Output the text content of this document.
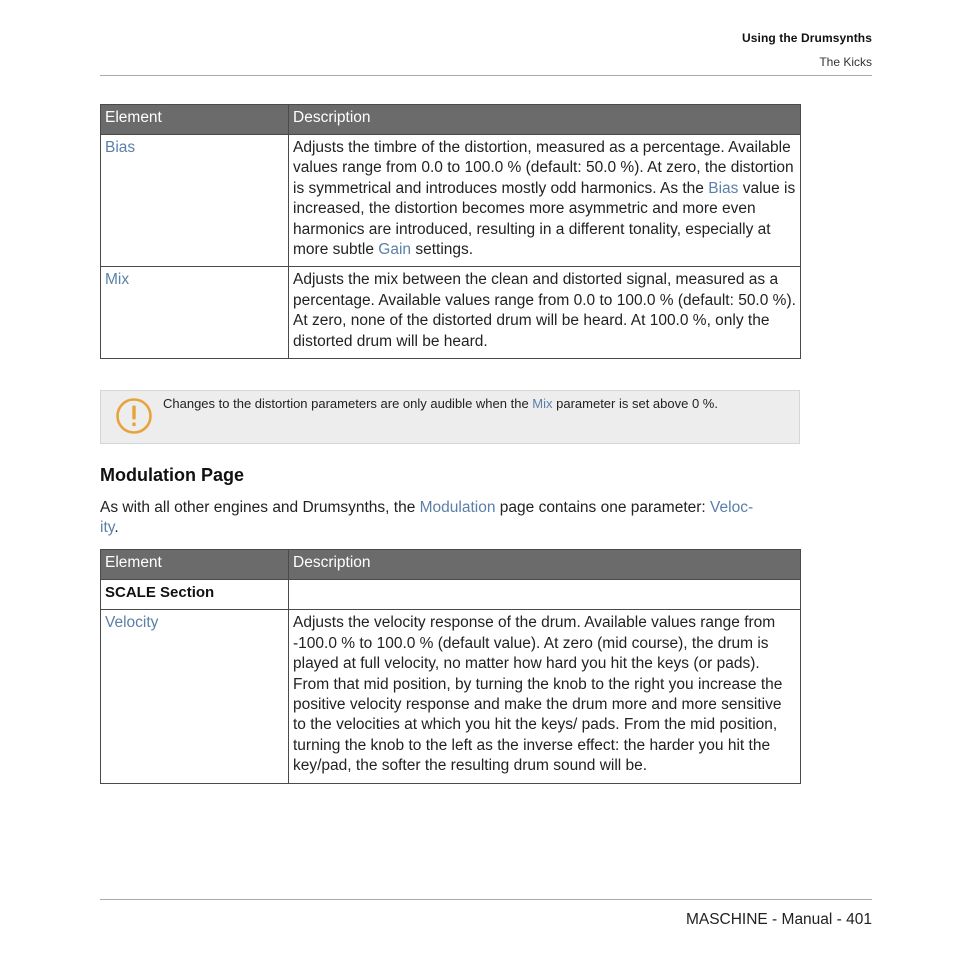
Using the Drumsynths
The Kicks
Element	Description
Bias	Adjusts the timbre of the distortion, measured as a percentage. Available values range from 0.0 to 100.0 % (default: 50.0 %). At zero, the distortion is symmetrical and introduces mostly odd harmonics. As the Bias value is increased, the distortion becomes more asymmetric and more even harmonics are introduced, resulting in a different tonality, especially at more subtle Gain settings.
Mix	Adjusts the mix between the clean and distorted signal, measured as a percentage. Available values range from 0.0 to 100.0 % (default: 50.0 %). At zero, none of the distorted drum will be heard. At 100.0 %, only the distorted drum will be heard.
Changes to the distortion parameters are only audible when the Mix parameter is set above 0 %.
Modulation Page
As with all other engines and Drumsynths, the Modulation page contains one parameter: Veloc-
ity.
Element	Description
SCALE Section	
Velocity	Adjusts the velocity response of the drum. Available values range from -100.0 % to 100.0 % (default value). At zero (mid course), the drum is played at full velocity, no matter how hard you hit the keys (or pads). From that mid position, by turning the knob to the right you increase the positive velocity response and make the drum more and more sensitive to the velocities at which you hit the keys/ pads. From the mid position, turning the knob to the left as the inverse effect: the harder you hit the key/pad, the softer the resulting drum sound will be.
MASCHINE - Manual - 401
